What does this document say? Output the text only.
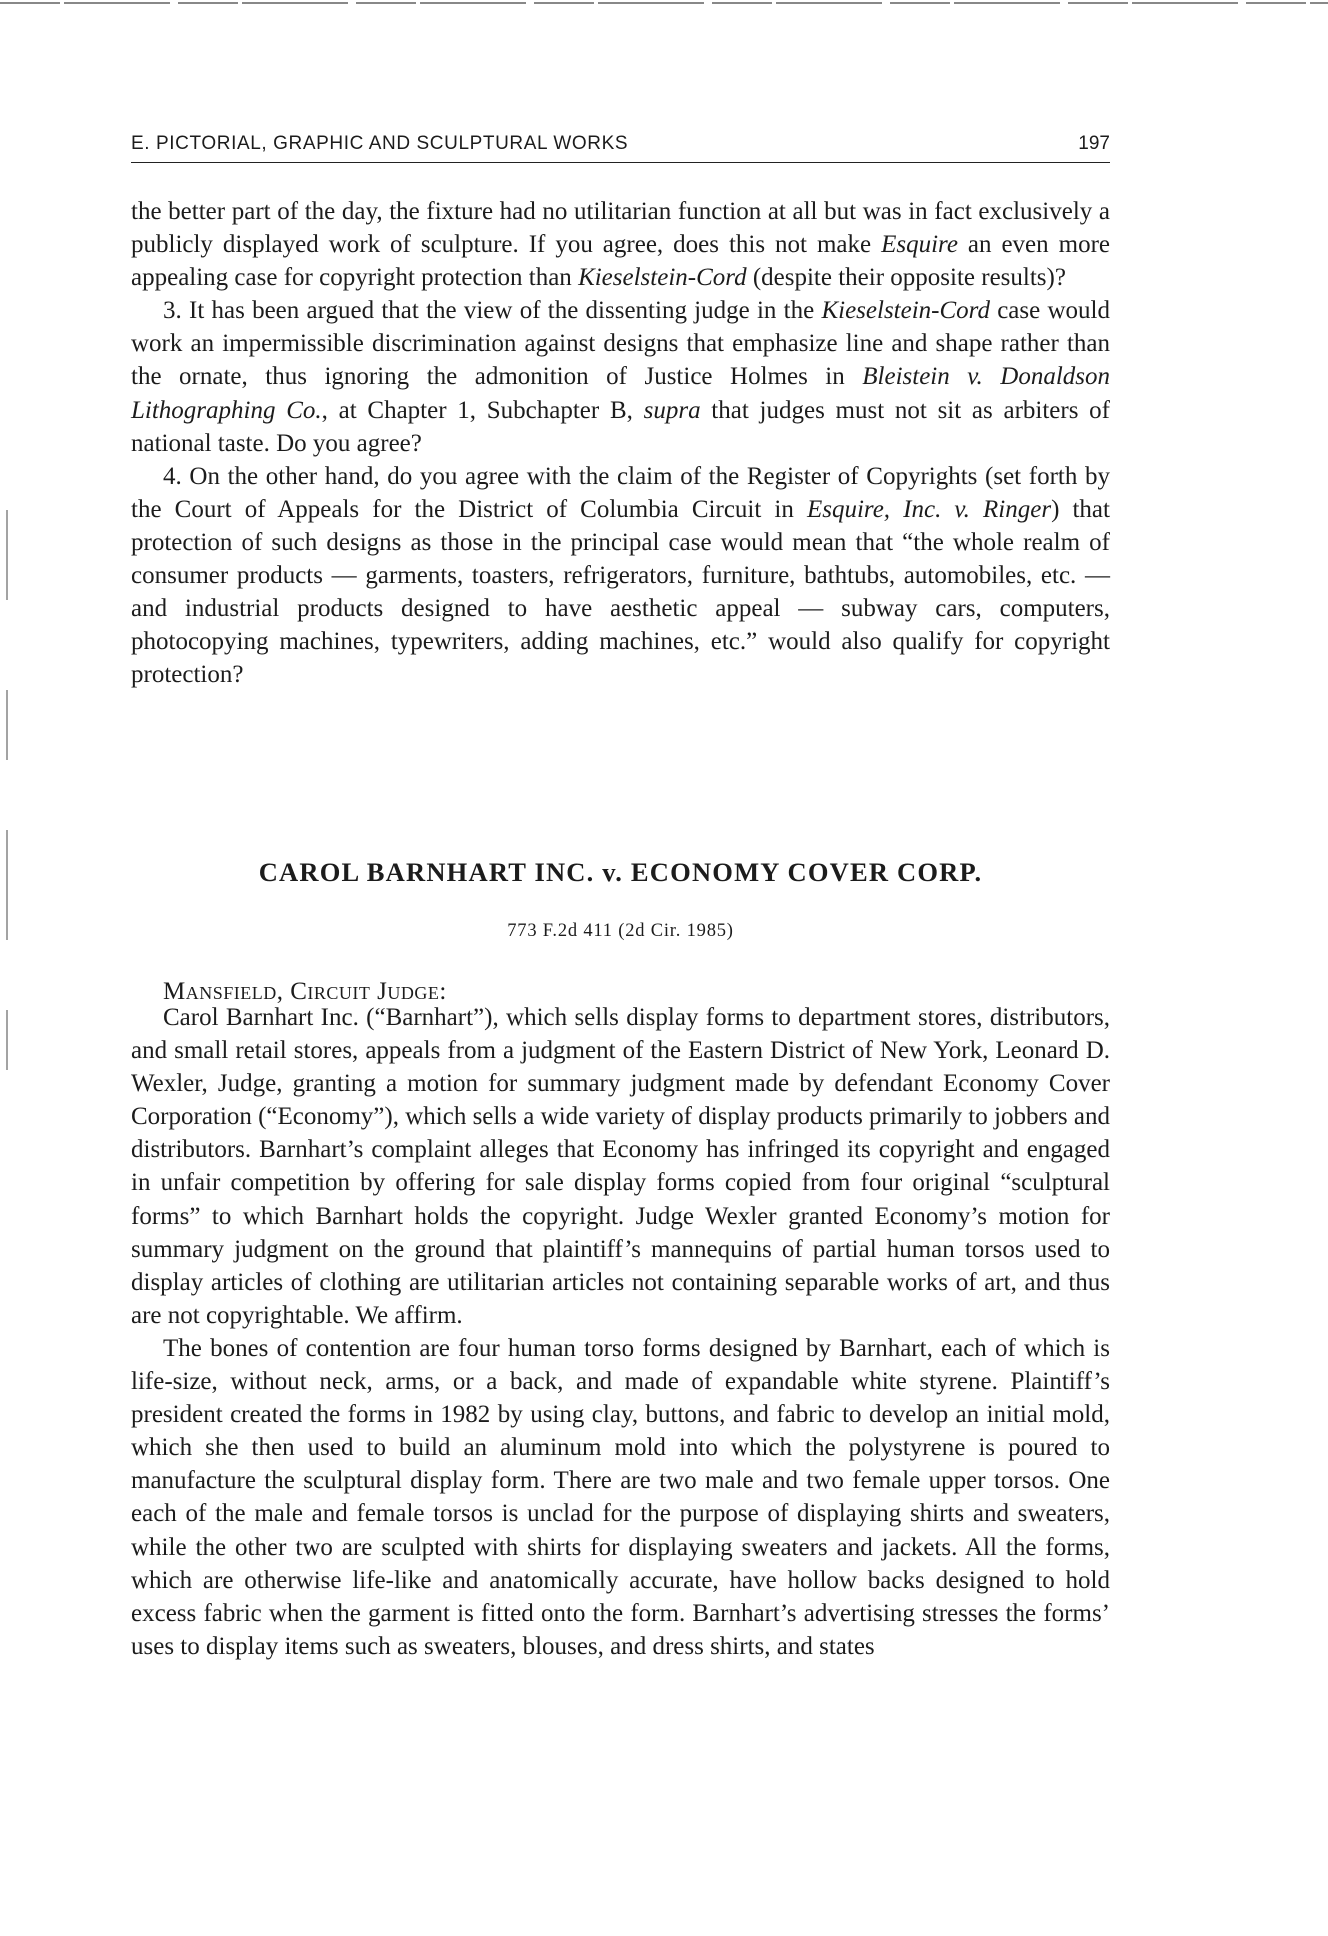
E. PICTORIAL, GRAPHIC AND SCULPTURAL WORKS	197

the better part of the day, the fixture had no utilitarian function at all but was in fact exclusively a publicly displayed work of sculpture. If you agree, does this not make Esquire an even more appealing case for copyright protection than Kieselstein-Cord (despite their opposite results)?

3. It has been argued that the view of the dissenting judge in the Kieselstein-Cord case would work an impermissible discrimination against designs that emphasize line and shape rather than the ornate, thus ignoring the admonition of Justice Holmes in Bleistein v. Donaldson Lithographing Co., at Chapter 1, Subchapter B, supra that judges must not sit as arbiters of national taste. Do you agree?

4. On the other hand, do you agree with the claim of the Register of Copyrights (set forth by the Court of Appeals for the District of Columbia Circuit in Esquire, Inc. v. Ringer) that protection of such designs as those in the principal case would mean that “the whole realm of consumer products — garments, toasters, refrigerators, furniture, bathtubs, automobiles, etc. — and industrial products designed to have aesthetic appeal — subway cars, computers, photocopying machines, typewriters, adding machines, etc.” would also qualify for copyright protection?

CAROL BARNHART INC. v. ECONOMY COVER CORP.
773 F.2d 411 (2d Cir. 1985)
Mansfield, Circuit Judge:

Carol Barnhart Inc. (“Barnhart”), which sells display forms to department stores, distributors, and small retail stores, appeals from a judgment of the Eastern District of New York, Leonard D. Wexler, Judge, granting a motion for summary judgment made by defendant Economy Cover Corporation (“Economy”), which sells a wide variety of display products primarily to jobbers and distributors. Barnhart’s complaint alleges that Economy has infringed its copyright and engaged in unfair competition by offering for sale display forms copied from four original “sculptural forms” to which Barnhart holds the copyright. Judge Wexler granted Economy’s motion for summary judgment on the ground that plaintiff’s mannequins of partial human torsos used to display articles of clothing are utilitarian articles not containing separable works of art, and thus are not copyrightable. We affirm.

The bones of contention are four human torso forms designed by Barnhart, each of which is life-size, without neck, arms, or a back, and made of expandable white styrene. Plaintiff’s president created the forms in 1982 by using clay, buttons, and fabric to develop an initial mold, which she then used to build an aluminum mold into which the polystyrene is poured to manufacture the sculptural display form. There are two male and two female upper torsos. One each of the male and female torsos is unclad for the purpose of displaying shirts and sweaters, while the other two are sculpted with shirts for displaying sweaters and jackets. All the forms, which are otherwise life-like and anatomically accurate, have hollow backs designed to hold excess fabric when the garment is fitted onto the form. Barnhart’s advertising stresses the forms’ uses to display items such as sweaters, blouses, and dress shirts, and states
